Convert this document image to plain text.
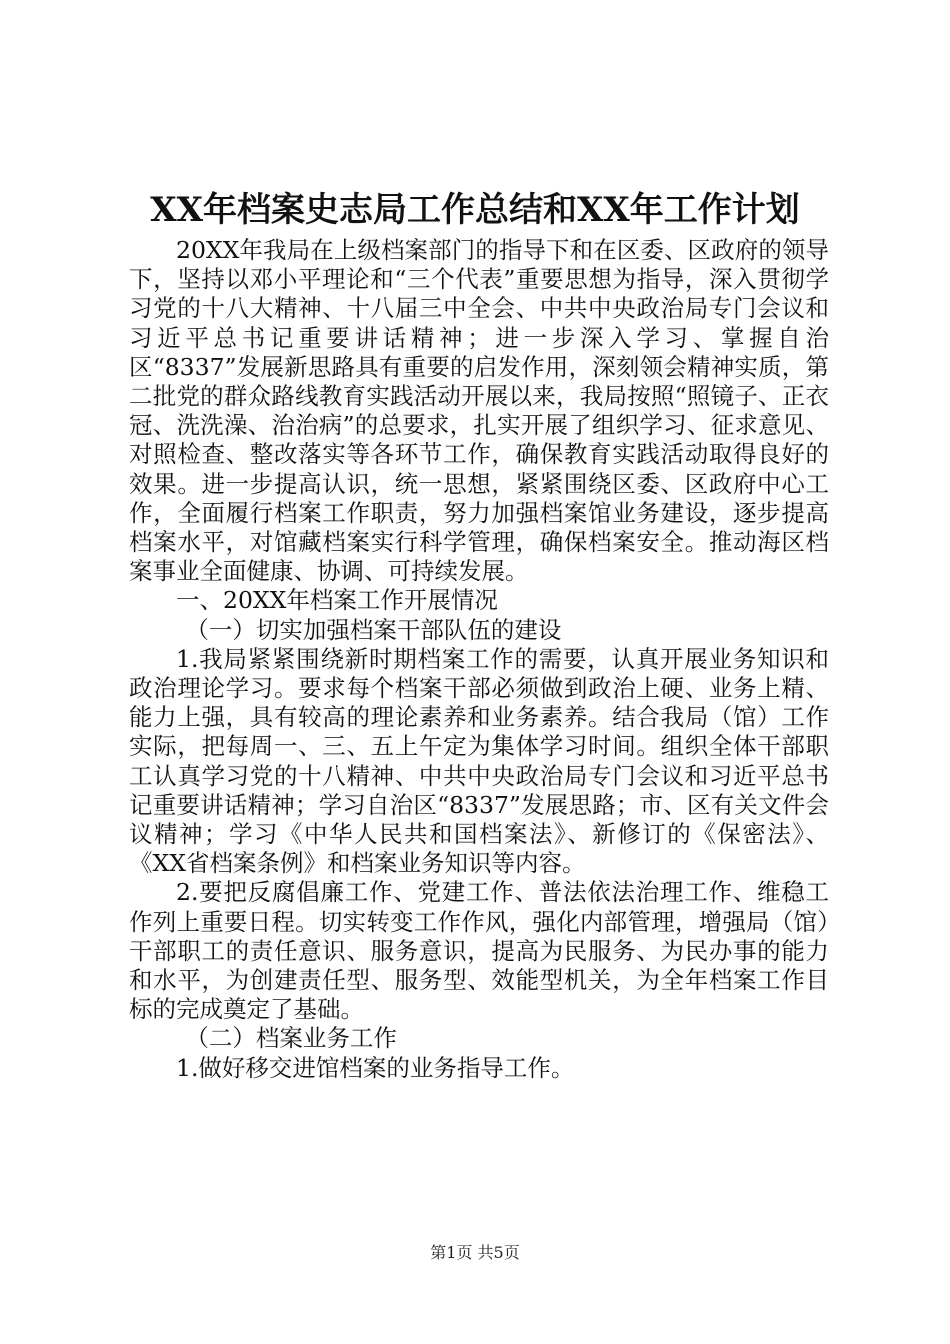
XX年档案史志局工作总结和XX年工作计划

20XX年我局在上级档案部门的指导下和在区委、区政府的领导下，坚持以邓小平理论和“三个代表”重要思想为指导，深入贯彻学习党的十八大精神、十八届三中全会、中共中央政治局专门会议和习近平总书记重要讲话精神；进一步深入学习、掌握自治区“8337”发展新思路具有重要的启发作用，深刻领会精神实质，第二批党的群众路线教育实践活动开展以来，我局按照“照镜子、正衣冠、洗洗澡、治治病”的总要求，扎实开展了组织学习、征求意见、对照检查、整改落实等各环节工作，确保教育实践活动取得良好的效果。进一步提高认识，统一思想，紧紧围绕区委、区政府中心工作，全面履行档案工作职责，努力加强档案馆业务建设，逐步提高档案水平，对馆藏档案实行科学管理，确保档案安全。推动海区档案事业全面健康、协调、可持续发展。

一、20XX年档案工作开展情况

（一）切实加强档案干部队伍的建设

1.我局紧紧围绕新时期档案工作的需要，认真开展业务知识和政治理论学习。要求每个档案干部必须做到政治上硬、业务上精、能力上强，具有较高的理论素养和业务素养。结合我局（馆）工作实际，把每周一、三、五上午定为集体学习时间。组织全体干部职工认真学习党的十八精神、中共中央政治局专门会议和习近平总书记重要讲话精神；学习自治区“8337”发展思路；市、区有关文件会议精神；学习《中华人民共和国档案法》、新修订的《保密法》、《XX省档案条例》和档案业务知识等内容。

2.要把反腐倡廉工作、党建工作、普法依法治理工作、维稳工作列上重要日程。切实转变工作作风，强化内部管理，增强局（馆）干部职工的责任意识、服务意识，提高为民服务、为民办事的能力和水平，为创建责任型、服务型、效能型机关，为全年档案工作目标的完成奠定了基础。

（二）档案业务工作

1.做好移交进馆档案的业务指导工作。

第1页 共5页
